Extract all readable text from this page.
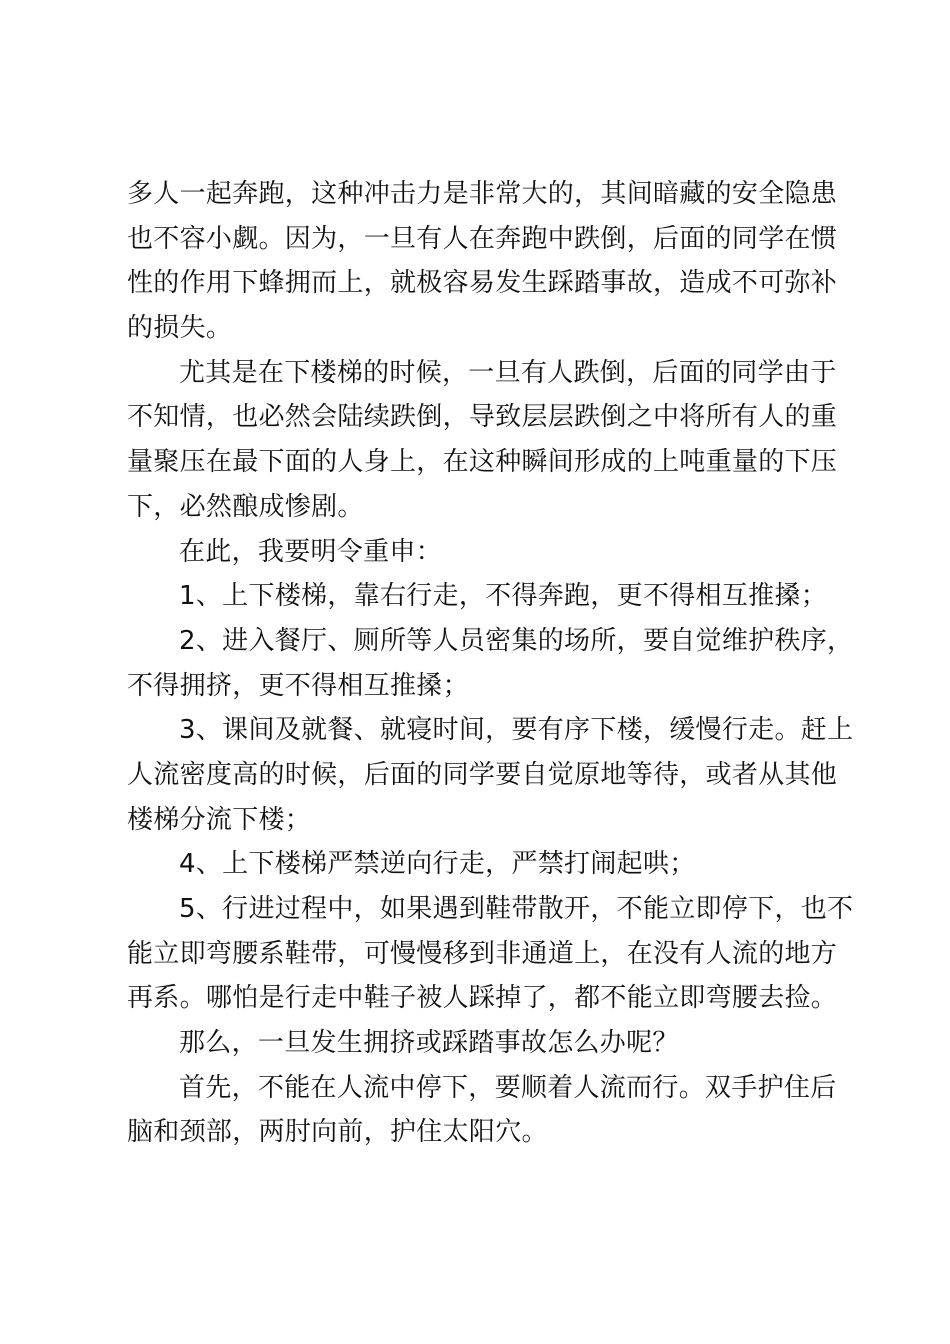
多人一起奔跑，这种冲击力是非常大的，其间暗藏的安全隐患
也不容小觑。因为，一旦有人在奔跑中跌倒，后面的同学在惯
性的作用下蜂拥而上，就极容易发生踩踏事故，造成不可弥补
的损失。
尤其是在下楼梯的时候，一旦有人跌倒，后面的同学由于
不知情，也必然会陆续跌倒，导致层层跌倒之中将所有人的重
量聚压在最下面的人身上，在这种瞬间形成的上吨重量的下压
下，必然酿成惨剧。
在此，我要明令重申：
1、上下楼梯，靠右行走，不得奔跑，更不得相互推搡；
2、进入餐厅、厕所等人员密集的场所，要自觉维护秩序，
不得拥挤，更不得相互推搡；
3、课间及就餐、就寝时间，要有序下楼，缓慢行走。赶上
人流密度高的时候，后面的同学要自觉原地等待，或者从其他
楼梯分流下楼；
4、上下楼梯严禁逆向行走，严禁打闹起哄；
5、行进过程中，如果遇到鞋带散开，不能立即停下，也不
能立即弯腰系鞋带，可慢慢移到非通道上，在没有人流的地方
再系。哪怕是行走中鞋子被人踩掉了，都不能立即弯腰去捡。
那么，一旦发生拥挤或踩踏事故怎么办呢？
首先，不能在人流中停下，要顺着人流而行。双手护住后
脑和颈部，两肘向前，护住太阳穴。
